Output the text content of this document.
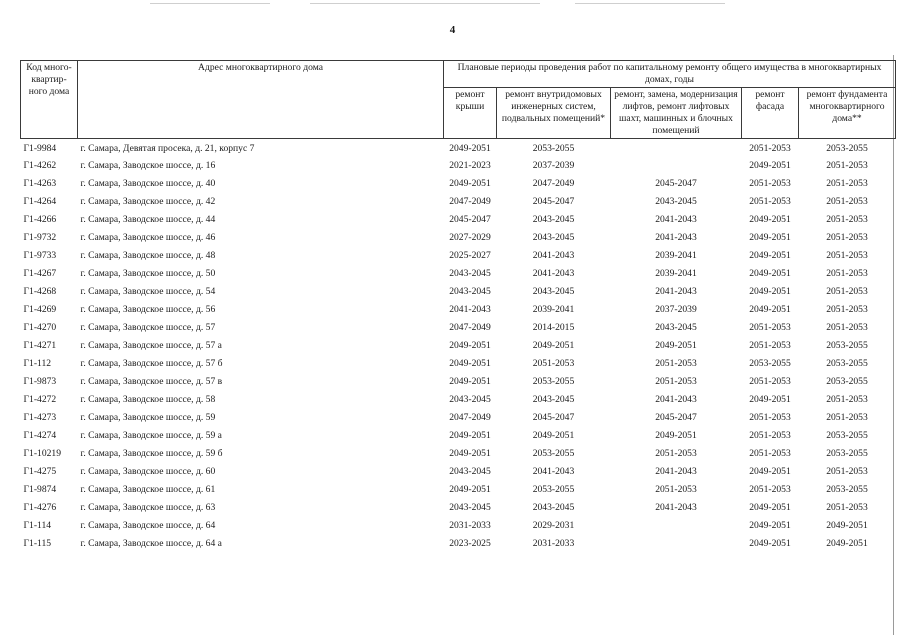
4
Код много-квартир-ного дома	Адрес многоквартирного дома	Плановые периоды проведения работ по капитальному ремонту общего имущества в многоквартирных домах, годы				
		ремонт крыши	ремонт внутридомовых инженерных систем, подвальных помещений*	ремонт, замена, модернизация лифтов, ремонт лифтовых шахт, машинных и блочных помещений	ремонт фасада	ремонт фундамента многоквартирного дома**
Г1-9984	г. Самара, Девятая просека, д. 21, корпус 7	2049-2051	2053-2055		2051-2053	2053-2055
Г1-4262	г. Самара, Заводское шоссе, д. 16	2021-2023	2037-2039		2049-2051	2051-2053
Г1-4263	г. Самара, Заводское шоссе, д. 40	2049-2051	2047-2049	2045-2047	2051-2053	2051-2053
Г1-4264	г. Самара, Заводское шоссе, д. 42	2047-2049	2045-2047	2043-2045	2051-2053	2051-2053
Г1-4266	г. Самара, Заводское шоссе, д. 44	2045-2047	2043-2045	2041-2043	2049-2051	2051-2053
Г1-9732	г. Самара, Заводское шоссе, д. 46	2027-2029	2043-2045	2041-2043	2049-2051	2051-2053
Г1-9733	г. Самара, Заводское шоссе, д. 48	2025-2027	2041-2043	2039-2041	2049-2051	2051-2053
Г1-4267	г. Самара, Заводское шоссе, д. 50	2043-2045	2041-2043	2039-2041	2049-2051	2051-2053
Г1-4268	г. Самара, Заводское шоссе, д. 54	2043-2045	2043-2045	2041-2043	2049-2051	2051-2053
Г1-4269	г. Самара, Заводское шоссе, д. 56	2041-2043	2039-2041	2037-2039	2049-2051	2051-2053
Г1-4270	г. Самара, Заводское шоссе, д. 57	2047-2049	2014-2015	2043-2045	2051-2053	2051-2053
Г1-4271	г. Самара, Заводское шоссе, д. 57 а	2049-2051	2049-2051	2049-2051	2051-2053	2053-2055
Г1-112	г. Самара, Заводское шоссе, д. 57 б	2049-2051	2051-2053	2051-2053	2053-2055	2053-2055
Г1-9873	г. Самара, Заводское шоссе, д. 57 в	2049-2051	2053-2055	2051-2053	2051-2053	2053-2055
Г1-4272	г. Самара, Заводское шоссе, д. 58	2043-2045	2043-2045	2041-2043	2049-2051	2051-2053
Г1-4273	г. Самара, Заводское шоссе, д. 59	2047-2049	2045-2047	2045-2047	2051-2053	2051-2053
Г1-4274	г. Самара, Заводское шоссе, д. 59 а	2049-2051	2049-2051	2049-2051	2051-2053	2053-2055
Г1-10219	г. Самара, Заводское шоссе, д. 59 б	2049-2051	2053-2055	2051-2053	2051-2053	2053-2055
Г1-4275	г. Самара, Заводское шоссе, д. 60	2043-2045	2041-2043	2041-2043	2049-2051	2051-2053
Г1-9874	г. Самара, Заводское шоссе, д. 61	2049-2051	2053-2055	2051-2053	2051-2053	2053-2055
Г1-4276	г. Самара, Заводское шоссе, д. 63	2043-2045	2043-2045	2041-2043	2049-2051	2051-2053
Г1-114	г. Самара, Заводское шоссе, д. 64	2031-2033	2029-2031		2049-2051	2049-2051
Г1-115	г. Самара, Заводское шоссе, д. 64 а	2023-2025	2031-2033		2049-2051	2049-2051
